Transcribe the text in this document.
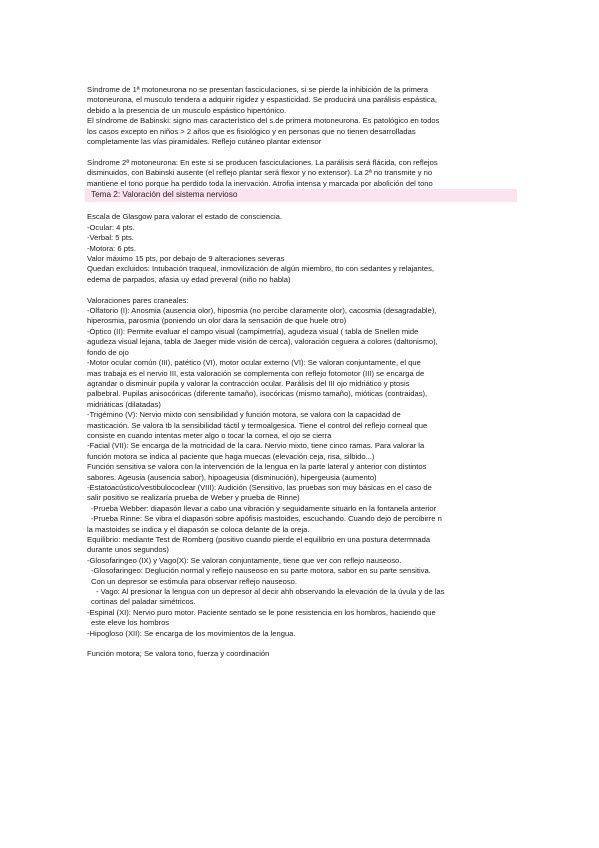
Síndrome de 1ª motoneurona no se presentan fasciculaciones, si se pierde la inhibición de la primera

motoneurona, el musculo tendera a adquirir rigidez y espasticidad. Se producirá una parálisis espástica,

debido a la presencia de un musculo espástico hipertónico.

El síndrome de Babinski: signo mas característico del s.de primera motoneurona. Es patológico en todos

los casos excepto en niños > 2 años que es fisiológico y en personas que no tienen desarrolladas

completamente las vías piramidales. Reflejo cutáneo plantar extensor

Síndrome 2ª motoneurona: En este si se producen fasciculaciones. La parálisis será flácida, con reflejos

disminuidos, con Babinski ausente (el reflejo plantar será flexor y no extensor). La 2ª no transmite y no

mantiene el tono porque ha perdido toda la inervación. Atrofia intensa y marcada por abolición del tono

Tema 2: Valoración del sistema nervioso

Escala de Glasgow para valorar el estado de consciencia.

-Ocular: 4 pts.

-Verbal: 5 pts.

-Motora: 6 pts.

Valor máximo 15 pts, por debajo de 9 alteraciones severas

Quedan excluidos: Intubación traqueal, inmovilización de algún miembro, tto con sedantes y relajantes,

edema de parpados, afasia uy edad preveral (niño no habla)

Valoraciones pares craneales:

-Olfatorio (I): Anosmia (ausencia olor), hiposmia (no percibe claramente olor), cacosmia (desagradable),

hiperosmia, parosmia (poniendo un olor dara la sensación de que huele otro)

-Óptico (II): Permite evaluar el campo visual (campimetría), agudeza visual ( tabla de Snellen mide

agudeza visual lejana, tabla de Jaeger mide visión de cerca), valoración ceguera a colores (daltonismo),

fondo de ojo

-Motor ocular común (III), patético (VI), motor ocular externo (VI): Se valoran conjuntamente, el que

mas trabaja es el nervio III, esta valoración se complementa con reflejo fotomotor (III) se encarga de

agrandar o disminuir pupila y valorar la contracción ocular. Parálisis del III ojo midriático y ptosis

palbebral. Pupilas anisocóricas (diferente tamaño), isocóricas (mismo tamaño), mióticas (contraidas),

midriáticas (dilatadas)

-Trigémino (V): Nervio mixto con sensibilidad y función motora, se valora con la capacidad de

masticación. Se valora tb la sensibilidad táctil y termoalgesica. Tiene el control del reflejo corneal que

consiste en cuando intentas meter algo o tocar la cornea, el ojo se cierra

-Facial (VII): Se encarga de la motricidad de la cara. Nervio mixto, tiene cinco ramas. Para valorar la

función motora se indica al paciente que haga muecas (elevación ceja, risa, silbido...)

Función sensitiva se valora con la intervención de la lengua en la parte lateral y anterior con distintos

sabores. Ageusia (ausencia sabor), hipoageusia (disminución), hipergeusia (aumento)

-Estatoacústico/vestibulococlear (VIII): Audición (Sensitivo, las pruebas son muy básicas en el caso de

salir positivo se realizaría prueba de Weber y prueba de Rinne)

-Prueba Webber: diapasón llevar a cabo una vibración y seguidamente situarlo en la fontanela anterior

-Prueba Rinne: Se vibra el diapasón sobre apófisis mastoides, escuchando. Cuando dejo de percibirre n

la mastoides se indica y el diapasón se coloca delante de la oreja.

Equilibrio: mediante Test de Romberg (positivo cuando pierde el equilibrio en una postura determnada

durante unos segundos)

-Glosofaringeo (IX) y Vago(X): Se valoran conjuntamente, tiene que ver con reflejo nauseoso.

-Glosofaringeo: Deglución normal y reflejo nauseoso en su parte motora, sabor en su parte sensitiva.

Con un depresor se estimula para observar reflejo nauseoso.

- Vago: Al presionar la lengua con un depresor al decir ahh observando la elevación de la úvula y de las

cortinas del paladar simétricos.

-Espinal (XI): Nervio puro motor. Paciente sentado se le pone resistencia en los hombros, haciendo que

este eleve los hombros

-Hipogloso (XII): Se encarga de los movimientos de la lengua.

Función motora; Se valora tono, fuerza y coordinación
